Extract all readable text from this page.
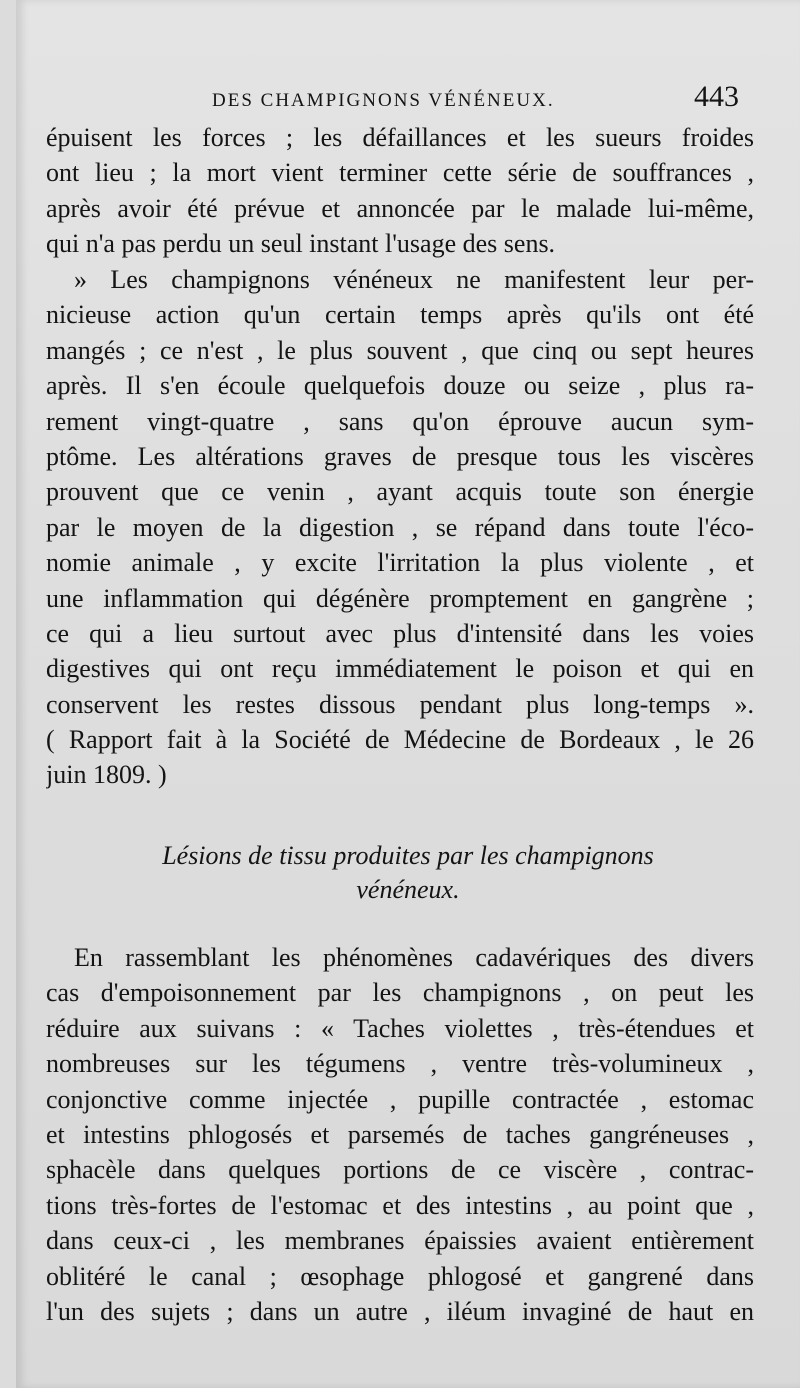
DES CHAMPIGNONS VÉNÉNEUX.	443
épuisent les forces ; les défaillances et les sueurs froides
ont lieu ; la mort vient terminer cette série de souffrances ,
après avoir été prévue et annoncée par le malade lui-même,
qui n'a pas perdu un seul instant l'usage des sens.
» Les champignons vénéneux ne manifestent leur per-
nicieuse action qu'un certain temps après qu'ils ont été
mangés ; ce n'est , le plus souvent , que cinq ou sept heures
après. Il s'en écoule quelquefois douze ou seize , plus ra-
rement vingt-quatre , sans qu'on éprouve aucun sym-
ptôme. Les altérations graves de presque tous les viscères
prouvent que ce venin , ayant acquis toute son énergie
par le moyen de la digestion , se répand dans toute l'éco-
nomie animale , y excite l'irritation la plus violente , et
une inflammation qui dégénère promptement en gangrène ;
ce qui a lieu surtout avec plus d'intensité dans les voies
digestives qui ont reçu immédiatement le poison et qui en
conservent les restes dissous pendant plus long-temps ».
( Rapport fait à la Société de Médecine de Bordeaux , le 26
juin 1809. )
Lésions de tissu produites par les champignons
vénéneux.
En rassemblant les phénomènes cadavériques des divers
cas d'empoisonnement par les champignons , on peut les
réduire aux suivans : « Taches violettes , très-étendues et
nombreuses sur les tégumens , ventre très-volumineux ,
conjonctive comme injectée , pupille contractée , estomac
et intestins phlogosés et parsemés de taches gangréneuses ,
sphacèle dans quelques portions de ce viscère , contrac-
tions très-fortes de l'estomac et des intestins , au point que ,
dans ceux-ci , les membranes épaissies avaient entièrement
oblitéré le canal ; œsophage phlogosé et gangrené dans
l'un des sujets ; dans un autre , iléum invaginé de haut en
